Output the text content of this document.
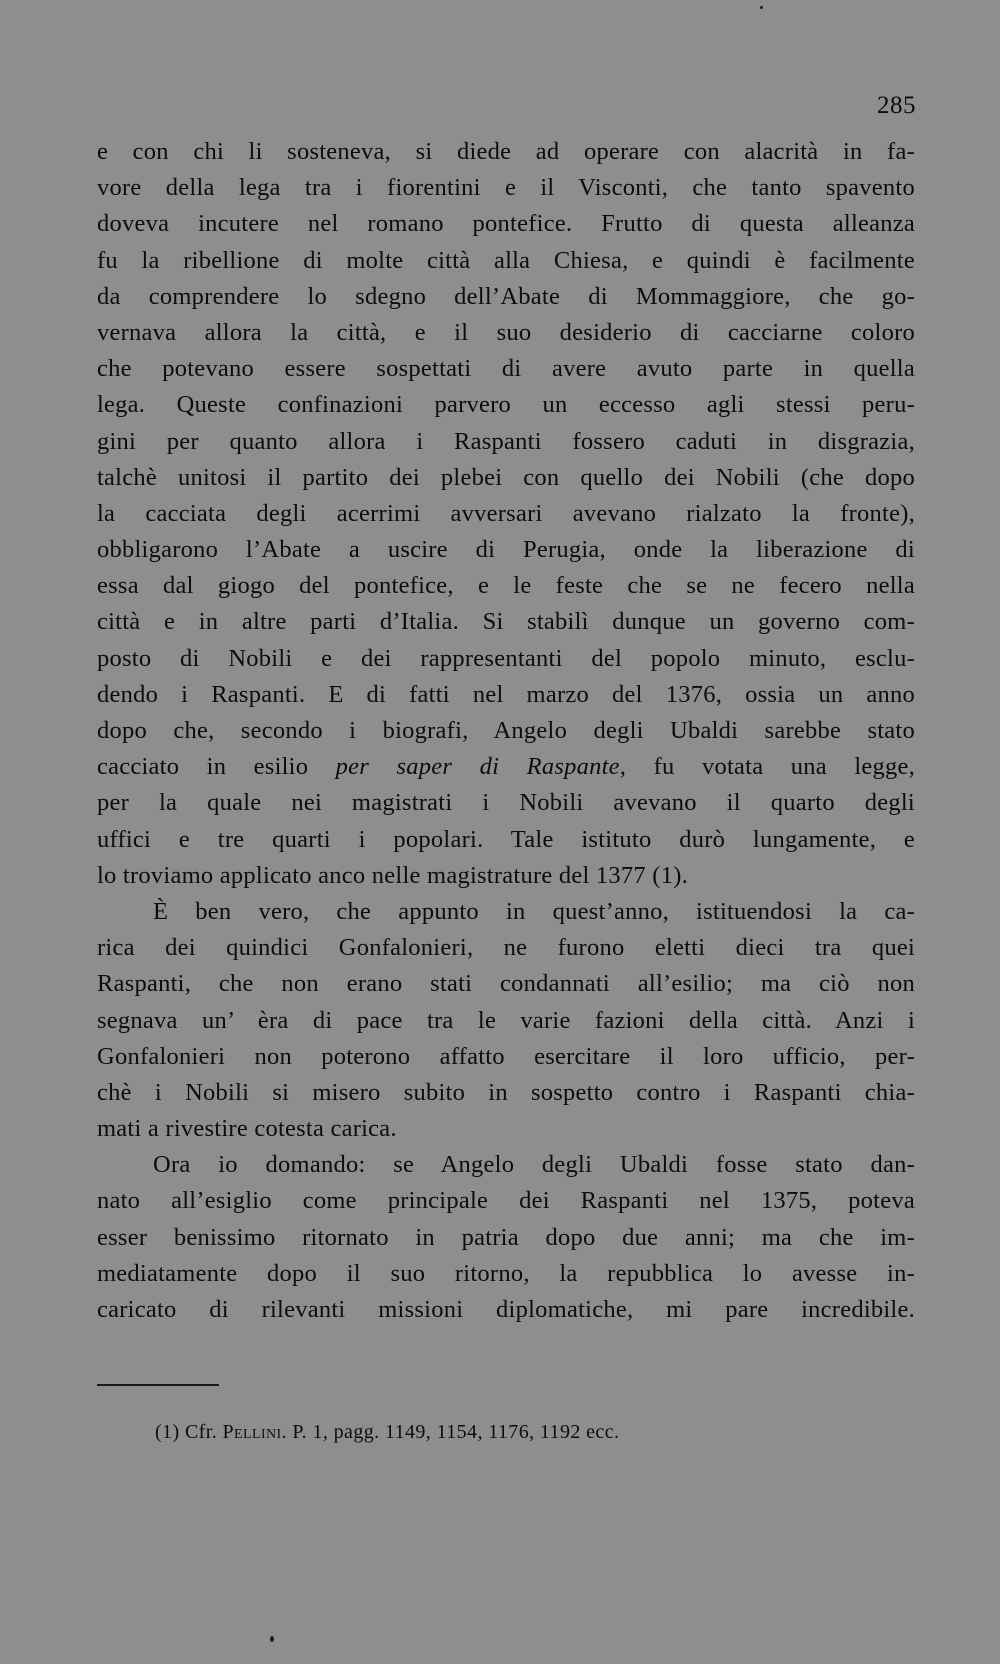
285
e con chi li sosteneva, si diede ad operare con alacrità in fa-
vore della lega tra i fiorentini e il Visconti, che tanto spavento
doveva incutere nel romano pontefice. Frutto di questa alleanza
fu la ribellione di molte città alla Chiesa, e quindi è facilmente
da comprendere lo sdegno dell’Abate di Mommaggiore, che go-
vernava allora la città, e il suo desiderio di cacciarne coloro
che potevano essere sospettati di avere avuto parte in quella
lega. Queste confinazioni parvero un eccesso agli stessi peru-
gini per quanto allora i Raspanti fossero caduti in disgrazia,
talchè unitosi il partito dei plebei con quello dei Nobili (che dopo
la cacciata degli acerrimi avversari avevano rialzato la fronte),
obbligarono l’Abate a uscire di Perugia, onde la liberazione di
essa dal giogo del pontefice, e le feste che se ne fecero nella
città e in altre parti d’Italia. Si stabilì dunque un governo com-
posto di Nobili e dei rappresentanti del popolo minuto, esclu-
dendo i Raspanti. E di fatti nel marzo del 1376, ossia un anno
dopo che, secondo i biografi, Angelo degli Ubaldi sarebbe stato
cacciato in esilio per saper di Raspante, fu votata una legge,
per la quale nei magistrati i Nobili avevano il quarto degli
uffici e tre quarti i popolari. Tale istituto durò lungamente, e
lo troviamo applicato anco nelle magistrature del 1377 (1).
È ben vero, che appunto in quest’anno, istituendosi la ca-
rica dei quindici Gonfalonieri, ne furono eletti dieci tra quei
Raspanti, che non erano stati condannati all’esilio; ma ciò non
segnava un’ èra di pace tra le varie fazioni della città. Anzi i
Gonfalonieri non poterono affatto esercitare il loro ufficio, per-
chè i Nobili si misero subito in sospetto contro i Raspanti chia-
mati a rivestire cotesta carica.
Ora io domando: se Angelo degli Ubaldi fosse stato dan-
nato all’esiglio come principale dei Raspanti nel 1375, poteva
esser benissimo ritornato in patria dopo due anni; ma che im-
mediatamente dopo il suo ritorno, la repubblica lo avesse in-
caricato di rilevanti missioni diplomatiche, mi pare incredibile.
(1) Cfr. Pellini. P. 1, pagg. 1149, 1154, 1176, 1192 ecc.
